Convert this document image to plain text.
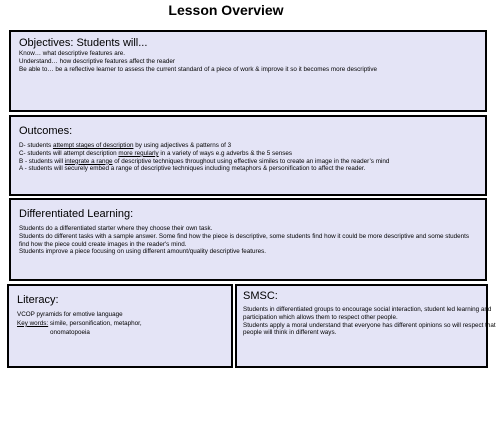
Lesson Overview
Objectives: Students will...
Know… what descriptive features are.
Understand… how descriptive features affect the reader
Be able to… be a reflective learner to assess the current standard of a piece of work & improve it so it becomes more descriptive
Outcomes:
D- students attempt stages of description by using adjectives & patterns of 3
C- students will attempt description more regularly in a variety of ways e.g adverbs & the 5 senses
B - students will integrate a range of descriptive techniques throughout using effective similes to create an image in the reader’s mind
A - students will securely embed a range of descriptive techniques including metaphors & personification to affect the reader.
Differentiated Learning:
Students do a differentiated starter where they choose their own task.
Students do different tasks with a sample answer. Some find how the piece is descriptive, some students find how it could be more descriptive and some students
find how the piece could create images in the reader's mind.
Students improve a piece focusing on using different amount/quality descriptive features.
Literacy:
VCOP pyramids for emotive language
Key words: simile, personification, metaphor,
onomatopoeia
SMSC:
Students in differentiated groups to encourage social interaction, student led learning and
participation which allows them to respect other people.
Students apply a moral understand that everyone has different opinions so will respect that
people will think in different ways.
